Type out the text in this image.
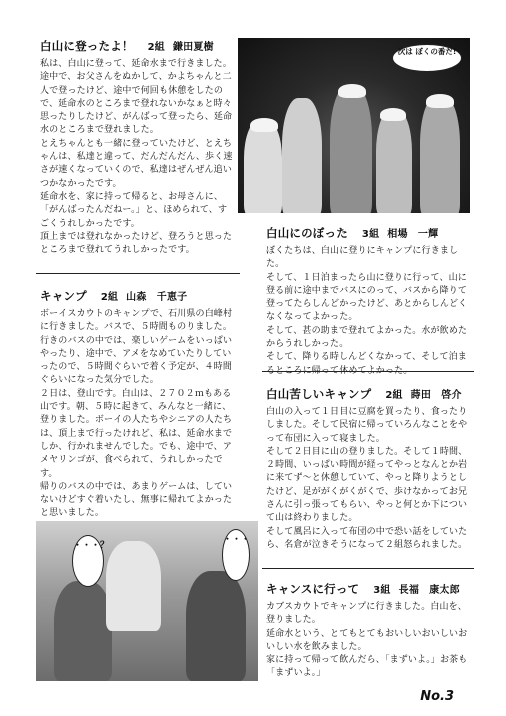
白山に登ったよ！ 2組 鎌田夏樹

私は、白山に登って、延命水まで行きました。途中で、お父さんをぬかして、かよちゃんと二人で登ったけど、途中で何回も休憩をしたので、延命水のところまで登れないかなぁと時々思ったりしたけど、がんばって登ったら、延命水のところまで登れました。

とえちゃんとも一緒に登っていたけど、とえちゃんは、私達と違って、だんだんだん、歩く速さが速くなっていくので、私達はぜんぜん追いつかなかったです。

延命水を、家に持って帰ると、お母さんに、「がんばったんだねー。」と、ほめられて、すごくうれしかったです。

頂上までは登れなかったけど、登ろうと思ったところまで登れてうれしかったです。

次は ぼくの番だ!
白山にのぼった 3組 相場　一輝

ぼくたちは、白山に登りにキャンプに行きました。

そして、１日泊まったら山に登りに行って、山に登る前に途中までバスにのって、バスから降りて登ってたらしんどかったけど、あとからしんどくなくなってよかった。

そして、甚の助まで登れてよかった。水が飲めたからうれしかった。

そして、降りる時しんどくなかって、そして泊まるところに帰って休めてよかった。

キャンプ 2組 山森　千恵子

ボーイスカウトのキャンプで、石川県の白峰村に行きました。バスで、５時間ものりました。行きのバスの中では、楽しいゲームをいっぱいやったり、途中で、アメをなめていたりしていったので、５時間ぐらいで着く予定が、４時間ぐらいになった気分でした。

２日は、登山です。白山は、２７０２ｍもある山です。朝、５時に起きて、みんなと一緒に、登りました。ボーイの人たちやシニアの人たちは、頂上まで行ったけれど、私は、延命水までしか、行かれませんでした。でも、途中で、アメヤリンゴが、食べられて、うれしかったです。

帰りのバスの中では、あまりゲームは、していないけどすぐ着いたし、無事に帰れてよかったと思いました。

白山苦しいキャンプ 2組 蒔田　啓介

白山の入って１日目に豆腐を買ったり、食ったりしました。そして民宿に帰っていろんなことをやって布団に入って寝ました。

そして２日目に山の登りました。そして１時間、２時間、いっぱい時間が経ってやっとなんとか岩に来てず〜と休憩していて、やっと降りようとしたけど、足ががくがくがくで、歩けなかってお兄さんに引っ張ってもらい、やっと何とか下について山は終わりました。

そして風呂に入って布団の中で恐い話をしていたら、名倉が泣きそうになって２組怒られました。

・・・？
・・・
キャンスに行って 3組 長福　康太郎

カブスカウトでキャンプに行きました。白山を、登りました。

延命水という、とてもとてもおいしいおいしいおいしい水を飲みました。

家に持って帰って飲んだら、「まずいよ。」お茶も「まずいよ。」

No.3
